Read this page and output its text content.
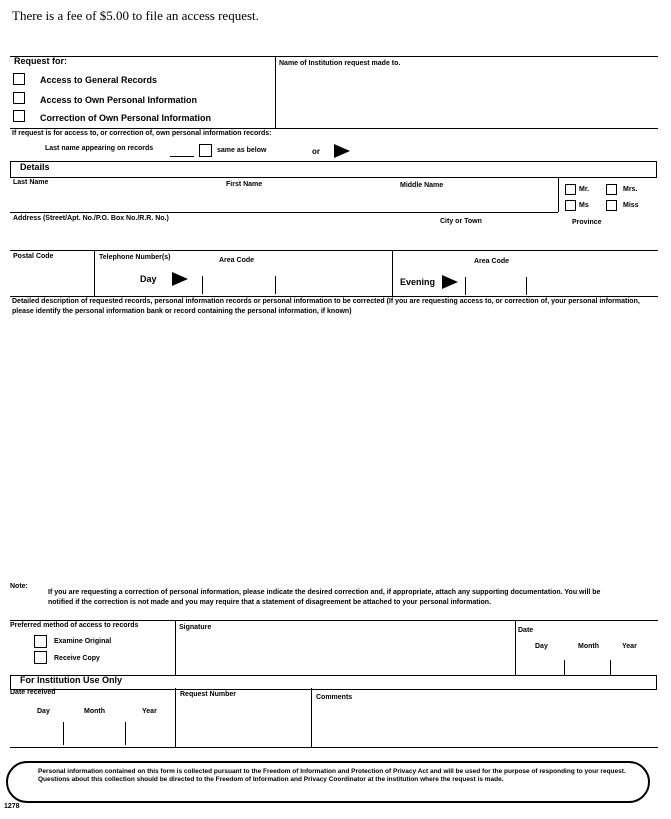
There is a fee of $5.00 to file an access request.
Request for:
Access to General Records
Access to Own Personal Information
Correction of Own Personal Information
Name of Institution request made to.
If request is for access to, or correction of, own personal information records:
Last name appearing on records	same as below	or
Details
Last Name	First Name	Middle Name
Mr.	Mrs.
Ms	Miss
Address (Street/Apt. No./P.O. Box No./R.R. No.)	City or Town	Province
Postal Code	Telephone Number(s)	Area Code
Day
Area Code
Evening
Detailed description of requested records, personal information records or personal information to be corrected (If you are requesting access to, or correction of, your personal information, please identify the personal information bank or record containing the personal information, if known)
Note:
If you are requesting a correction of personal information, please indicate the desired correction and, if appropriate, attach any supporting documentation. You will be notified if the correction is not made and you may require that a statement of disagreement be attached to your personal information.
Preferred method of access to records
Examine Original
Receive Copy
Signature	Date
Day	Month	Year
For Institution Use Only
Date received
Day	Month	Year
Request Number	Comments
Personal information contained on this form is collected pursuant to the Freedom of Information and Protection of Privacy Act and will be used for the purpose of responding to your request. Questions about this collection should be directed to the Freedom of Information and Privacy Coordinator at the institution where the request is made.
1278
